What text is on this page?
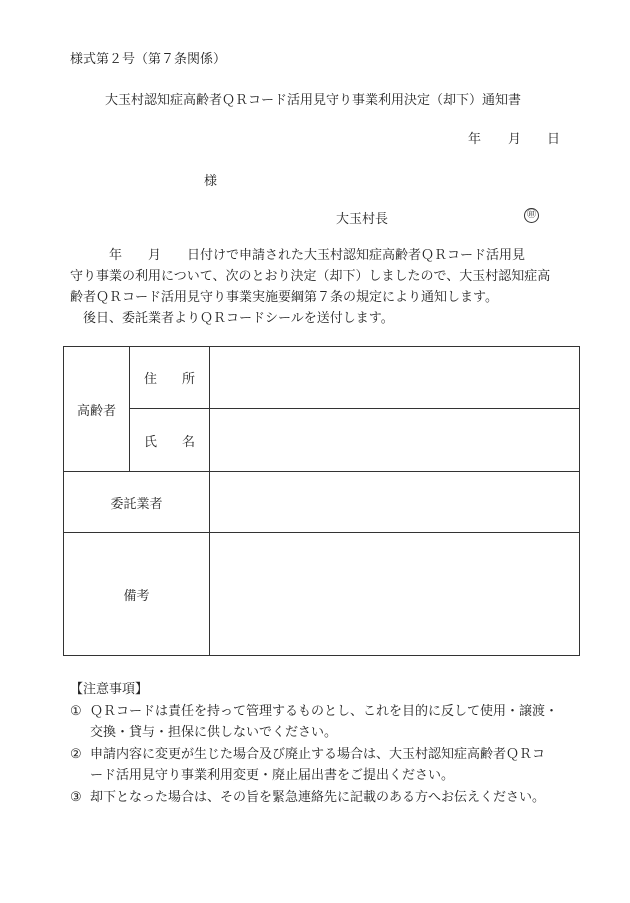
様式第２号（第７条関係）
大玉村認知症高齢者ＱＲコード活用見守り事業利用決定（却下）通知書
年 月 日
様
大玉村長	㊞
　　　年　　月　　日付けで申請された大玉村認知症高齢者ＱＲコード活用見
守り事業の利用について、次のとおり決定（却下）しましたので、大玉村認知症高
齢者ＱＲコード活用見守り事業実施要綱第７条の規定により通知します。
　後日、委託業者よりＱＲコードシールを送付します。
高齢者	住 所	

	氏 名	

委託業者		
備考		
【注意事項】
① ＱＲコードは責任を持って管理するものとし、これを目的に反して使用・譲渡・
交換・貸与・担保に供しないでください。
② 申請内容に変更が生じた場合及び廃止する場合は、大玉村認知症高齢者ＱＲコ
ード活用見守り事業利用変更・廃止届出書をご提出ください。
③ 却下となった場合は、その旨を緊急連絡先に記載のある方へお伝えください。
